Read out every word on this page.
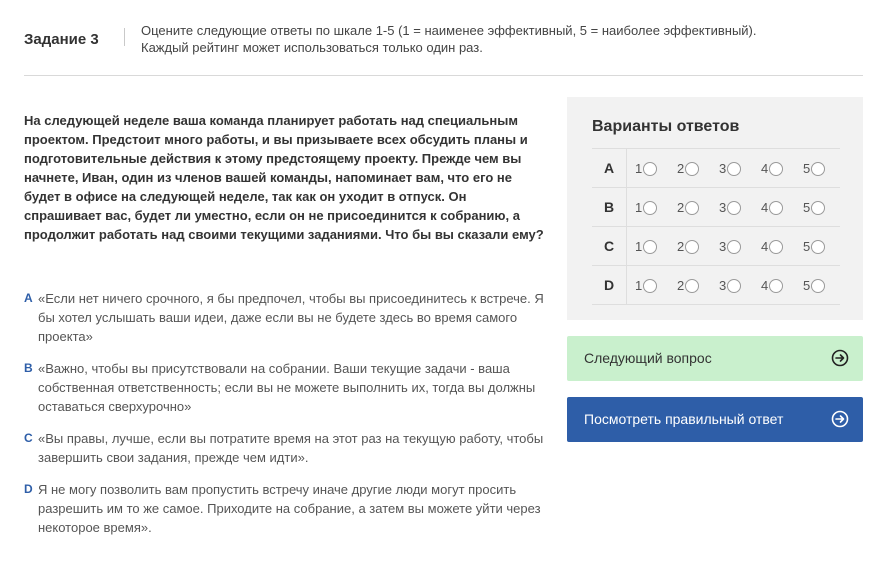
Задание 3
Оцените следующие ответы по шкале 1-5 (1 = наименее эффективный, 5 = наиболее эффективный).
Каждый рейтинг может использоваться только один раз.
На следующей неделе ваша команда планирует работать над специальным проектом. Предстоит много работы, и вы призываете всех обсудить планы и подготовительные действия к этому предстоящему проекту. Прежде чем вы начнете, Иван, один из членов вашей команды, напоминает вам, что его не будет в офисе на следующей неделе, так как он уходит в отпуск. Он спрашивает вас, будет ли уместно, если он не присоединится к собранию, а продолжит работать над своими текущими заданиями. Что бы вы сказали ему?
A «Если нет ничего срочного, я бы предпочел, чтобы вы присоединитесь к встрече. Я бы хотел услышать ваши идеи, даже если вы не будете здесь во время самого проекта»
B «Важно, чтобы вы присутствовали на собрании. Ваши текущие задачи - ваша собственная ответственность; если вы не можете выполнить их, тогда вы должны оставаться сверхурочно»
C «Вы правы, лучше, если вы потратите время на этот раз на текущую работу, чтобы завершить свои задания, прежде чем идти».
D Я не могу позволить вам пропустить встречу иначе другие люди могут просить разрешить им то же самое. Приходите на собрание, а затем вы можете уйти через некоторое время».
Варианты ответов
A	1	2	3	4	5
B	1	2	3	4	5
C	1	2	3	4	5
D	1	2	3	4	5
Следующий вопрос
Посмотреть правильный ответ
